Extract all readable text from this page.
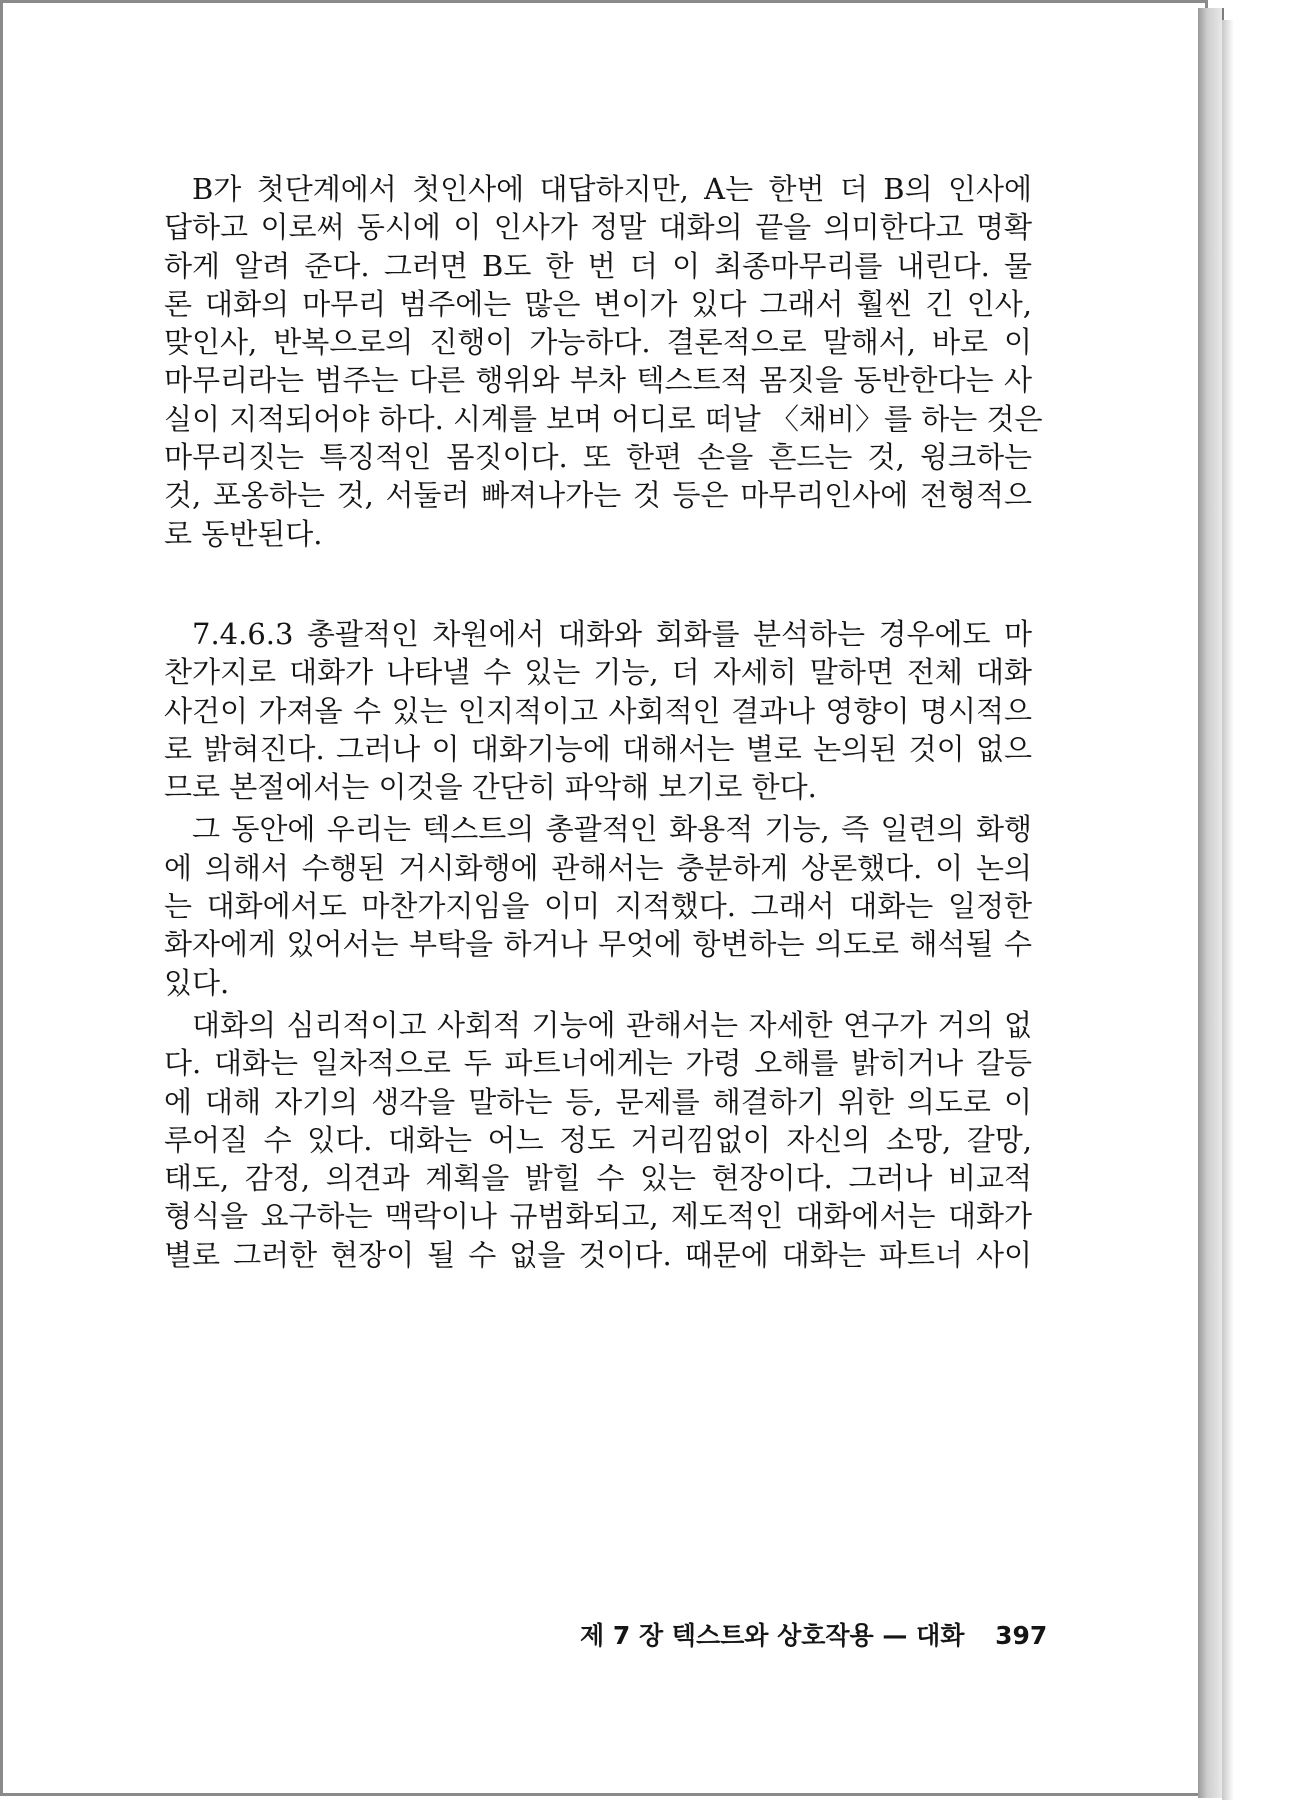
B가 첫단계에서 첫인사에 대답하지만, A는 한번 더 B의 인사에
답하고 이로써 동시에 이 인사가 정말 대화의 끝을 의미한다고 명확
하게 알려 준다. 그러면 B도 한 번 더 이 최종마무리를 내린다. 물
론 대화의 마무리 범주에는 많은 변이가 있다 그래서 훨씬 긴 인사,
맞인사, 반복으로의 진행이 가능하다. 결론적으로 말해서, 바로 이
마무리라는 범주는 다른 행위와 부차 텍스트적 몸짓을 동반한다는 사
실이 지적되어야 하다. 시계를 보며 어디로 떠날 〈채비〉를 하는 것은
마무리짓는 특징적인 몸짓이다. 또 한편 손을 흔드는 것, 윙크하는
것, 포옹하는 것, 서둘러 빠져나가는 것 등은 마무리인사에 전형적으
로 동반된다.
7.4.6.3 총괄적인 차원에서 대화와 회화를 분석하는 경우에도 마
찬가지로 대화가 나타낼 수 있는 기능, 더 자세히 말하면 전체 대화
사건이 가져올 수 있는 인지적이고 사회적인 결과나 영향이 명시적으
로 밝혀진다. 그러나 이 대화기능에 대해서는 별로 논의된 것이 없으
므로 본절에서는 이것을 간단히 파악해 보기로 한다.
그 동안에 우리는 텍스트의 총괄적인 화용적 기능, 즉 일련의 화행
에 의해서 수행된 거시화행에 관해서는 충분하게 상론했다. 이 논의
는 대화에서도 마찬가지임을 이미 지적했다. 그래서 대화는 일정한
화자에게 있어서는 부탁을 하거나 무엇에 항변하는 의도로 해석될 수
있다.
대화의 심리적이고 사회적 기능에 관해서는 자세한 연구가 거의 없
다. 대화는 일차적으로 두 파트너에게는 가령 오해를 밝히거나 갈등
에 대해 자기의 생각을 말하는 등, 문제를 해결하기 위한 의도로 이
루어질 수 있다. 대화는 어느 정도 거리낌없이 자신의 소망, 갈망,
태도, 감정, 의견과 계획을 밝힐 수 있는 현장이다. 그러나 비교적
형식을 요구하는 맥락이나 규범화되고, 제도적인 대화에서는 대화가
별로 그러한 현장이 될 수 없을 것이다. 때문에 대화는 파트너 사이
제 7 장 텍스트와 상호작용 — 대화 397
